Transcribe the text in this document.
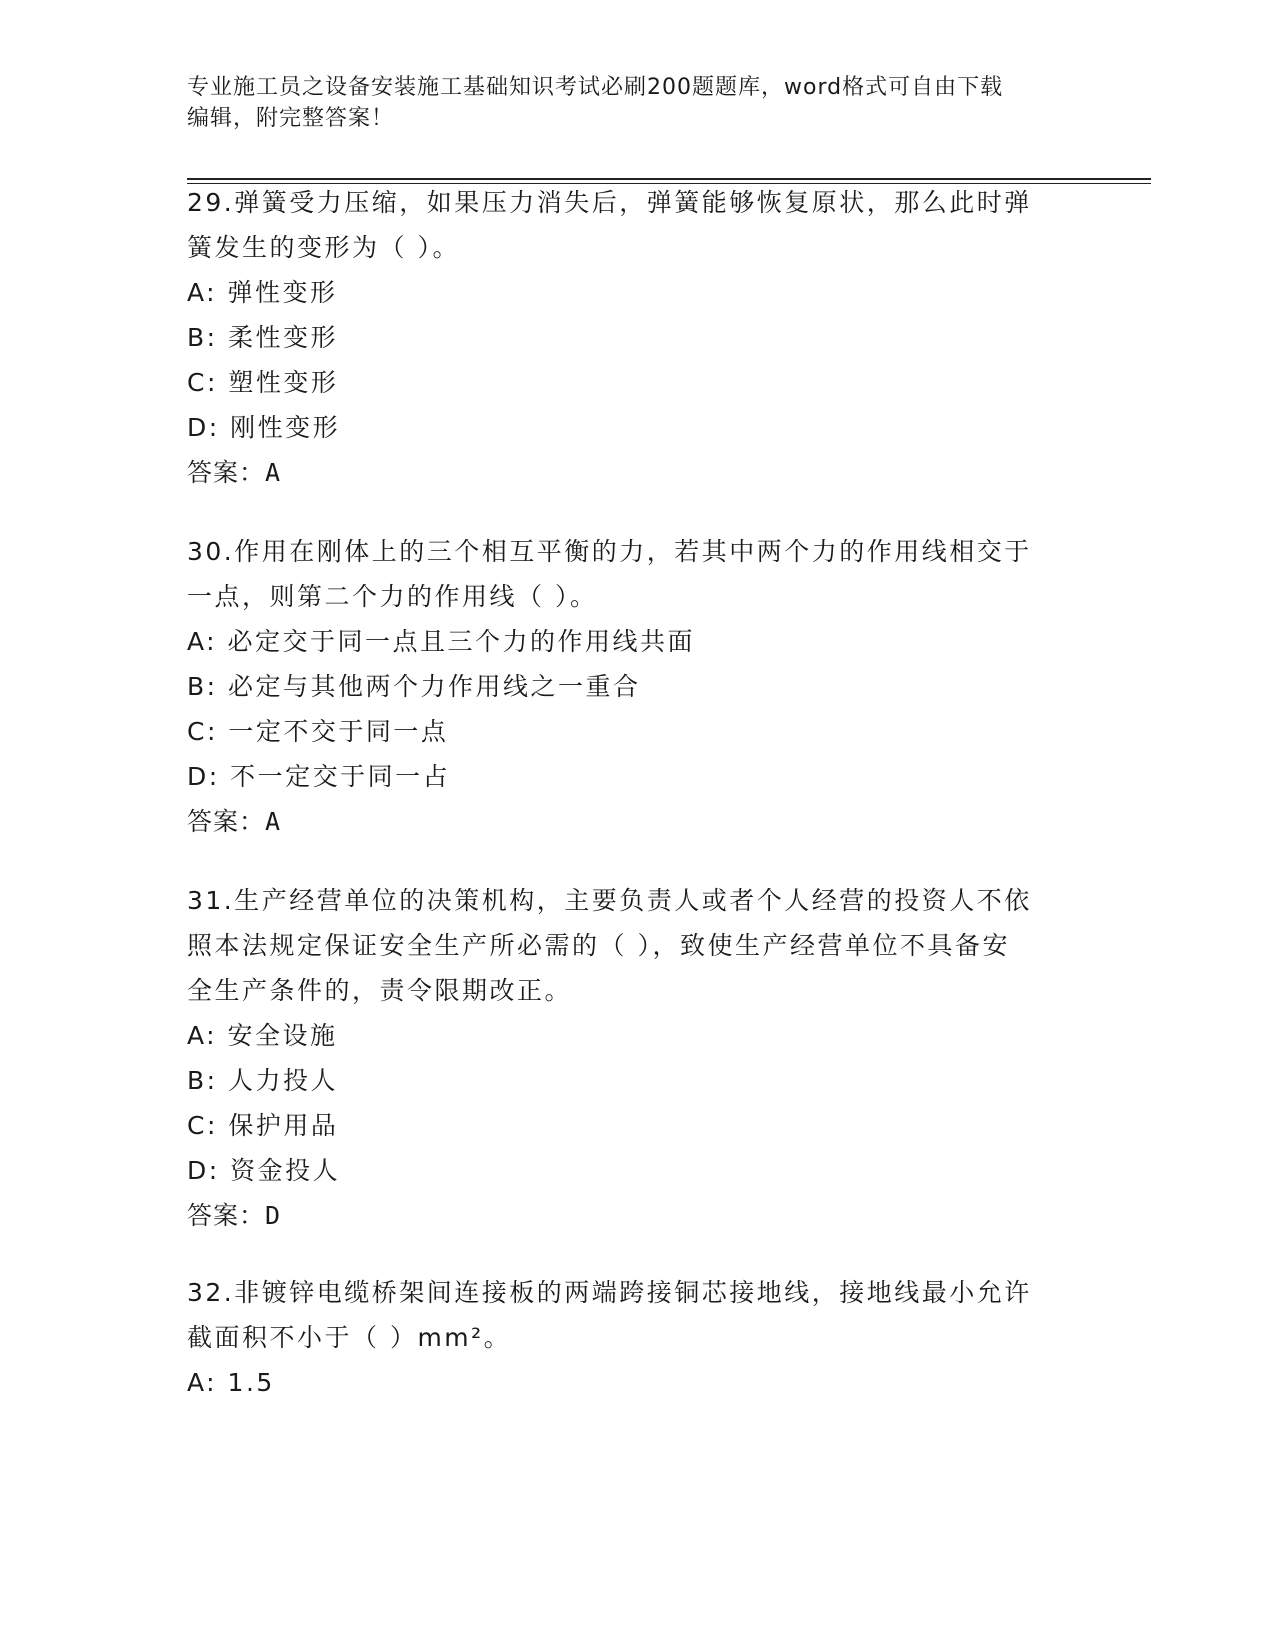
专业施工员之设备安装施工基础知识考试必刷200题题库，word格式可自由下载
编辑，附完整答案！
29.弹簧受力压缩，如果压力消失后，弹簧能够恢复原状，那么此时弹
簧发生的变形为（ ）。
A: 弹性变形
B: 柔性变形
C: 塑性变形
D: 刚性变形
答案：A
30.作用在刚体上的三个相互平衡的力，若其中两个力的作用线相交于
一点，则第二个力的作用线（ ）。
A: 必定交于同一点且三个力的作用线共面
B: 必定与其他两个力作用线之一重合
C: 一定不交于同一点
D: 不一定交于同一占
答案：A
31.生产经营单位的决策机构，主要负责人或者个人经营的投资人不依
照本法规定保证安全生产所必需的（ ），致使生产经营单位不具备安
全生产条件的，责令限期改正。
A: 安全设施
B: 人力投人
C: 保护用品
D: 资金投人
答案：D
32.非镀锌电缆桥架间连接板的两端跨接铜芯接地线，接地线最小允许
截面积不小于（ ）mm²。
A: 1.5
